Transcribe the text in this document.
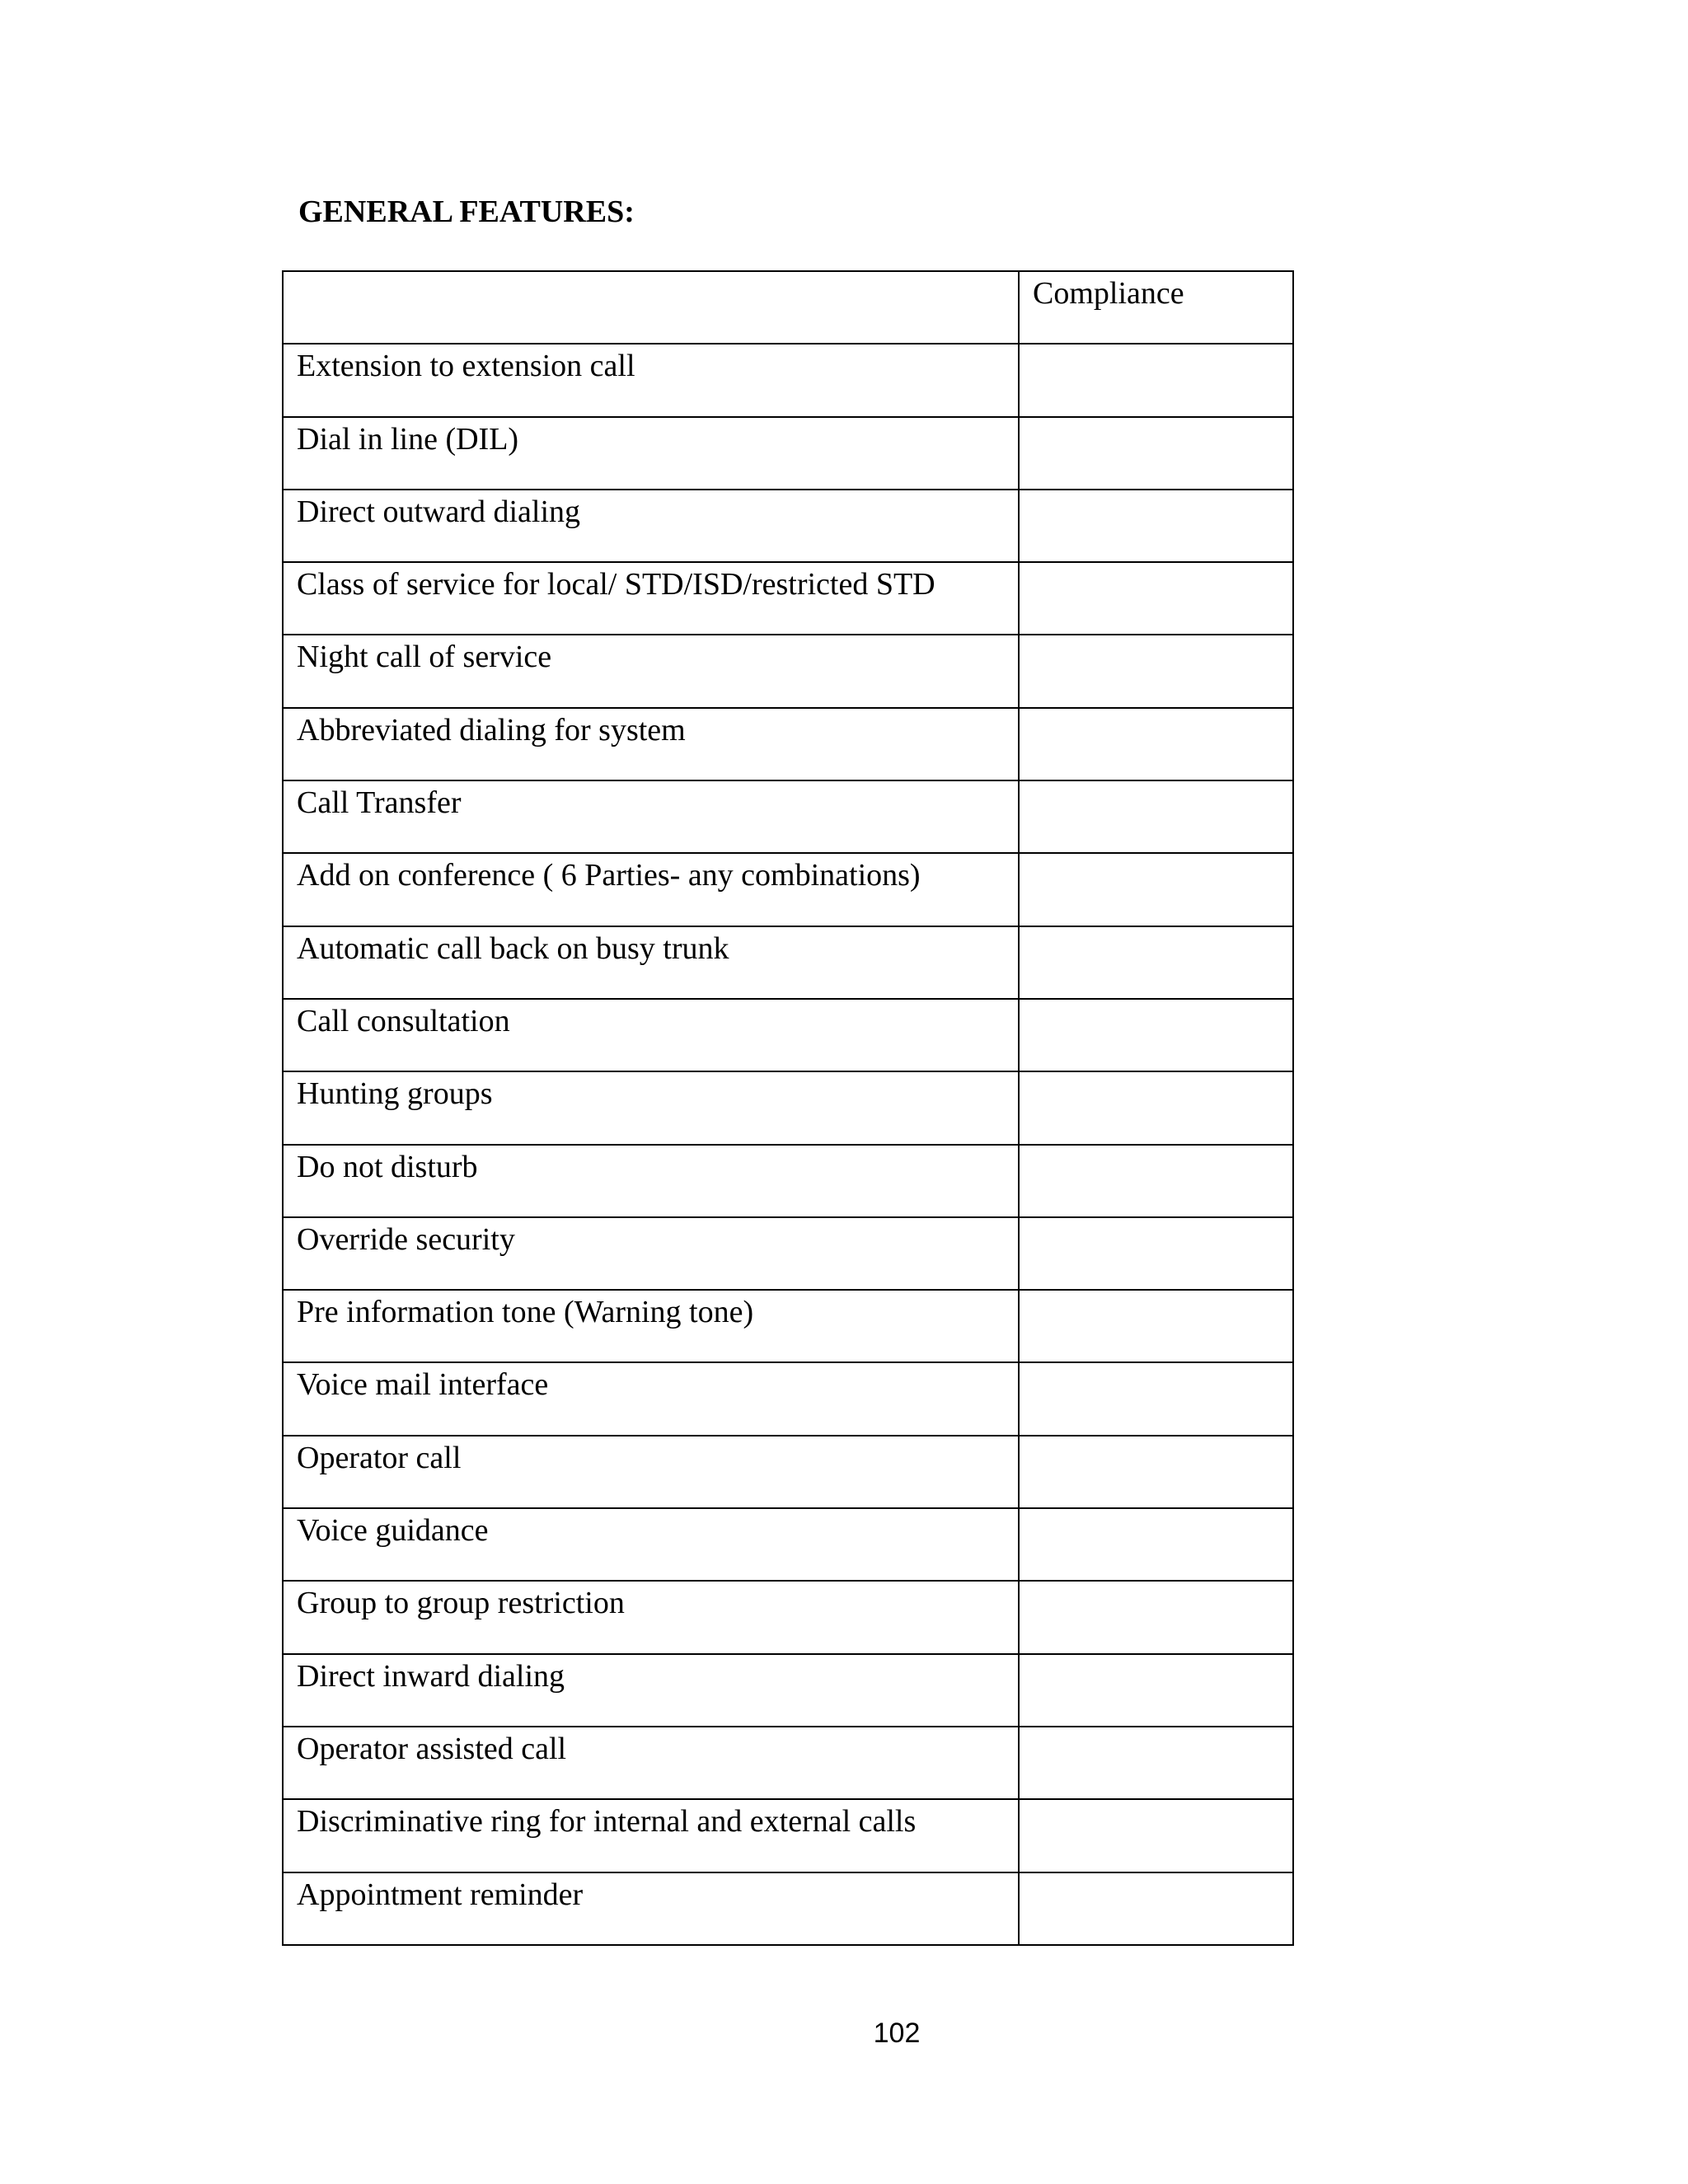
GENERAL FEATURES:
	Compliance
Extension to extension call	
Dial in line (DIL)	
Direct outward dialing	
Class of service for local/ STD/ISD/restricted STD	
Night call of service	
Abbreviated dialing for system	
Call Transfer	
Add on conference ( 6 Parties- any combinations)	
Automatic call back on busy trunk	
Call consultation	
Hunting groups	
Do not disturb	
Override security	
Pre information tone (Warning tone)	
Voice mail interface	
Operator call	
Voice guidance	
Group to group restriction	
Direct inward dialing	
Operator assisted call	
Discriminative ring for internal and external calls	
Appointment reminder	
102
